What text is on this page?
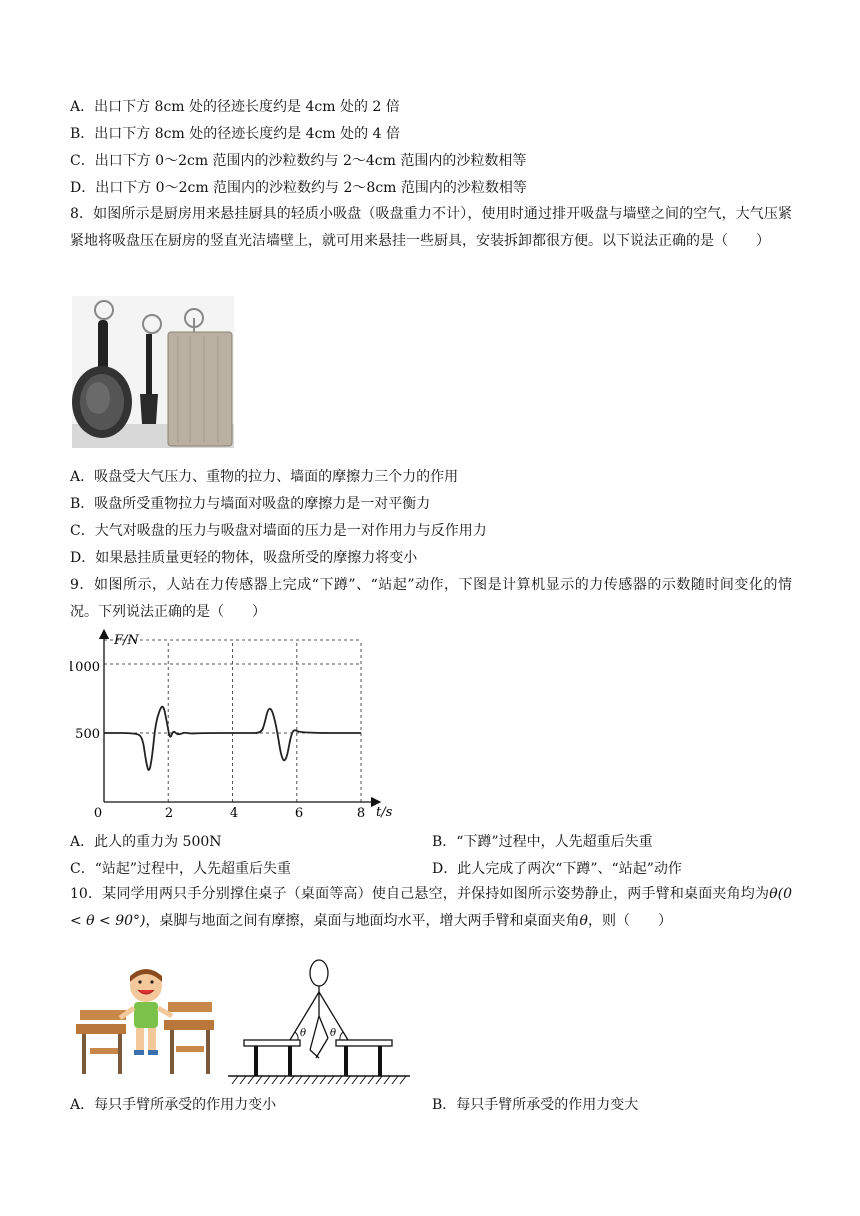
A．出口下方 8cm 处的径迹长度约是 4cm 处的 2 倍
B．出口下方 8cm 处的径迹长度约是 4cm 处的 4 倍
C．出口下方 0～2cm 范围内的沙粒数约与 2～4cm 范围内的沙粒数相等
D．出口下方 0～2cm 范围内的沙粒数约与 2～8cm 范围内的沙粒数相等
8．如图所示是厨房用来悬挂厨具的轻质小吸盘（吸盘重力不计），使用时通过排开吸盘与墙壁之间的空气，大气压紧紧地将吸盘压在厨房的竖直光洁墙壁上，就可用来悬挂一些厨具，安装拆卸都很方便。以下说法正确的是（　　）
A．吸盘受大气压力、重物的拉力、墙面的摩擦力三个力的作用
B．吸盘所受重物拉力与墙面对吸盘的摩擦力是一对平衡力
C．大气对吸盘的压力与吸盘对墙面的压力是一对作用力与反作用力
D．如果悬挂质量更轻的物体，吸盘所受的摩擦力将变小
9．如图所示，人站在力传感器上完成“下蹲”、“站起”动作，下图是计算机显示的力传感器的示数随时间变化的情况。下列说法正确的是（　　）
F/N
t/s
0
1000
500
2	4	6	8
A．此人的重力为 500N	B．“下蹲”过程中，人先超重后失重
C．“站起”过程中，人先超重后失重	D．此人完成了两次“下蹲”、“站起”动作
10．某同学用两只手分别撑住桌子（桌面等高）使自己悬空，并保持如图所示姿势静止，两手臂和桌面夹角均为θ(0 < θ < 90°)，桌脚与地面之间有摩擦，桌面与地面均水平，增大两手臂和桌面夹角θ，则（　　）
θ θ
A．每只手臂所承受的作用力变小	B．每只手臂所承受的作用力变大
